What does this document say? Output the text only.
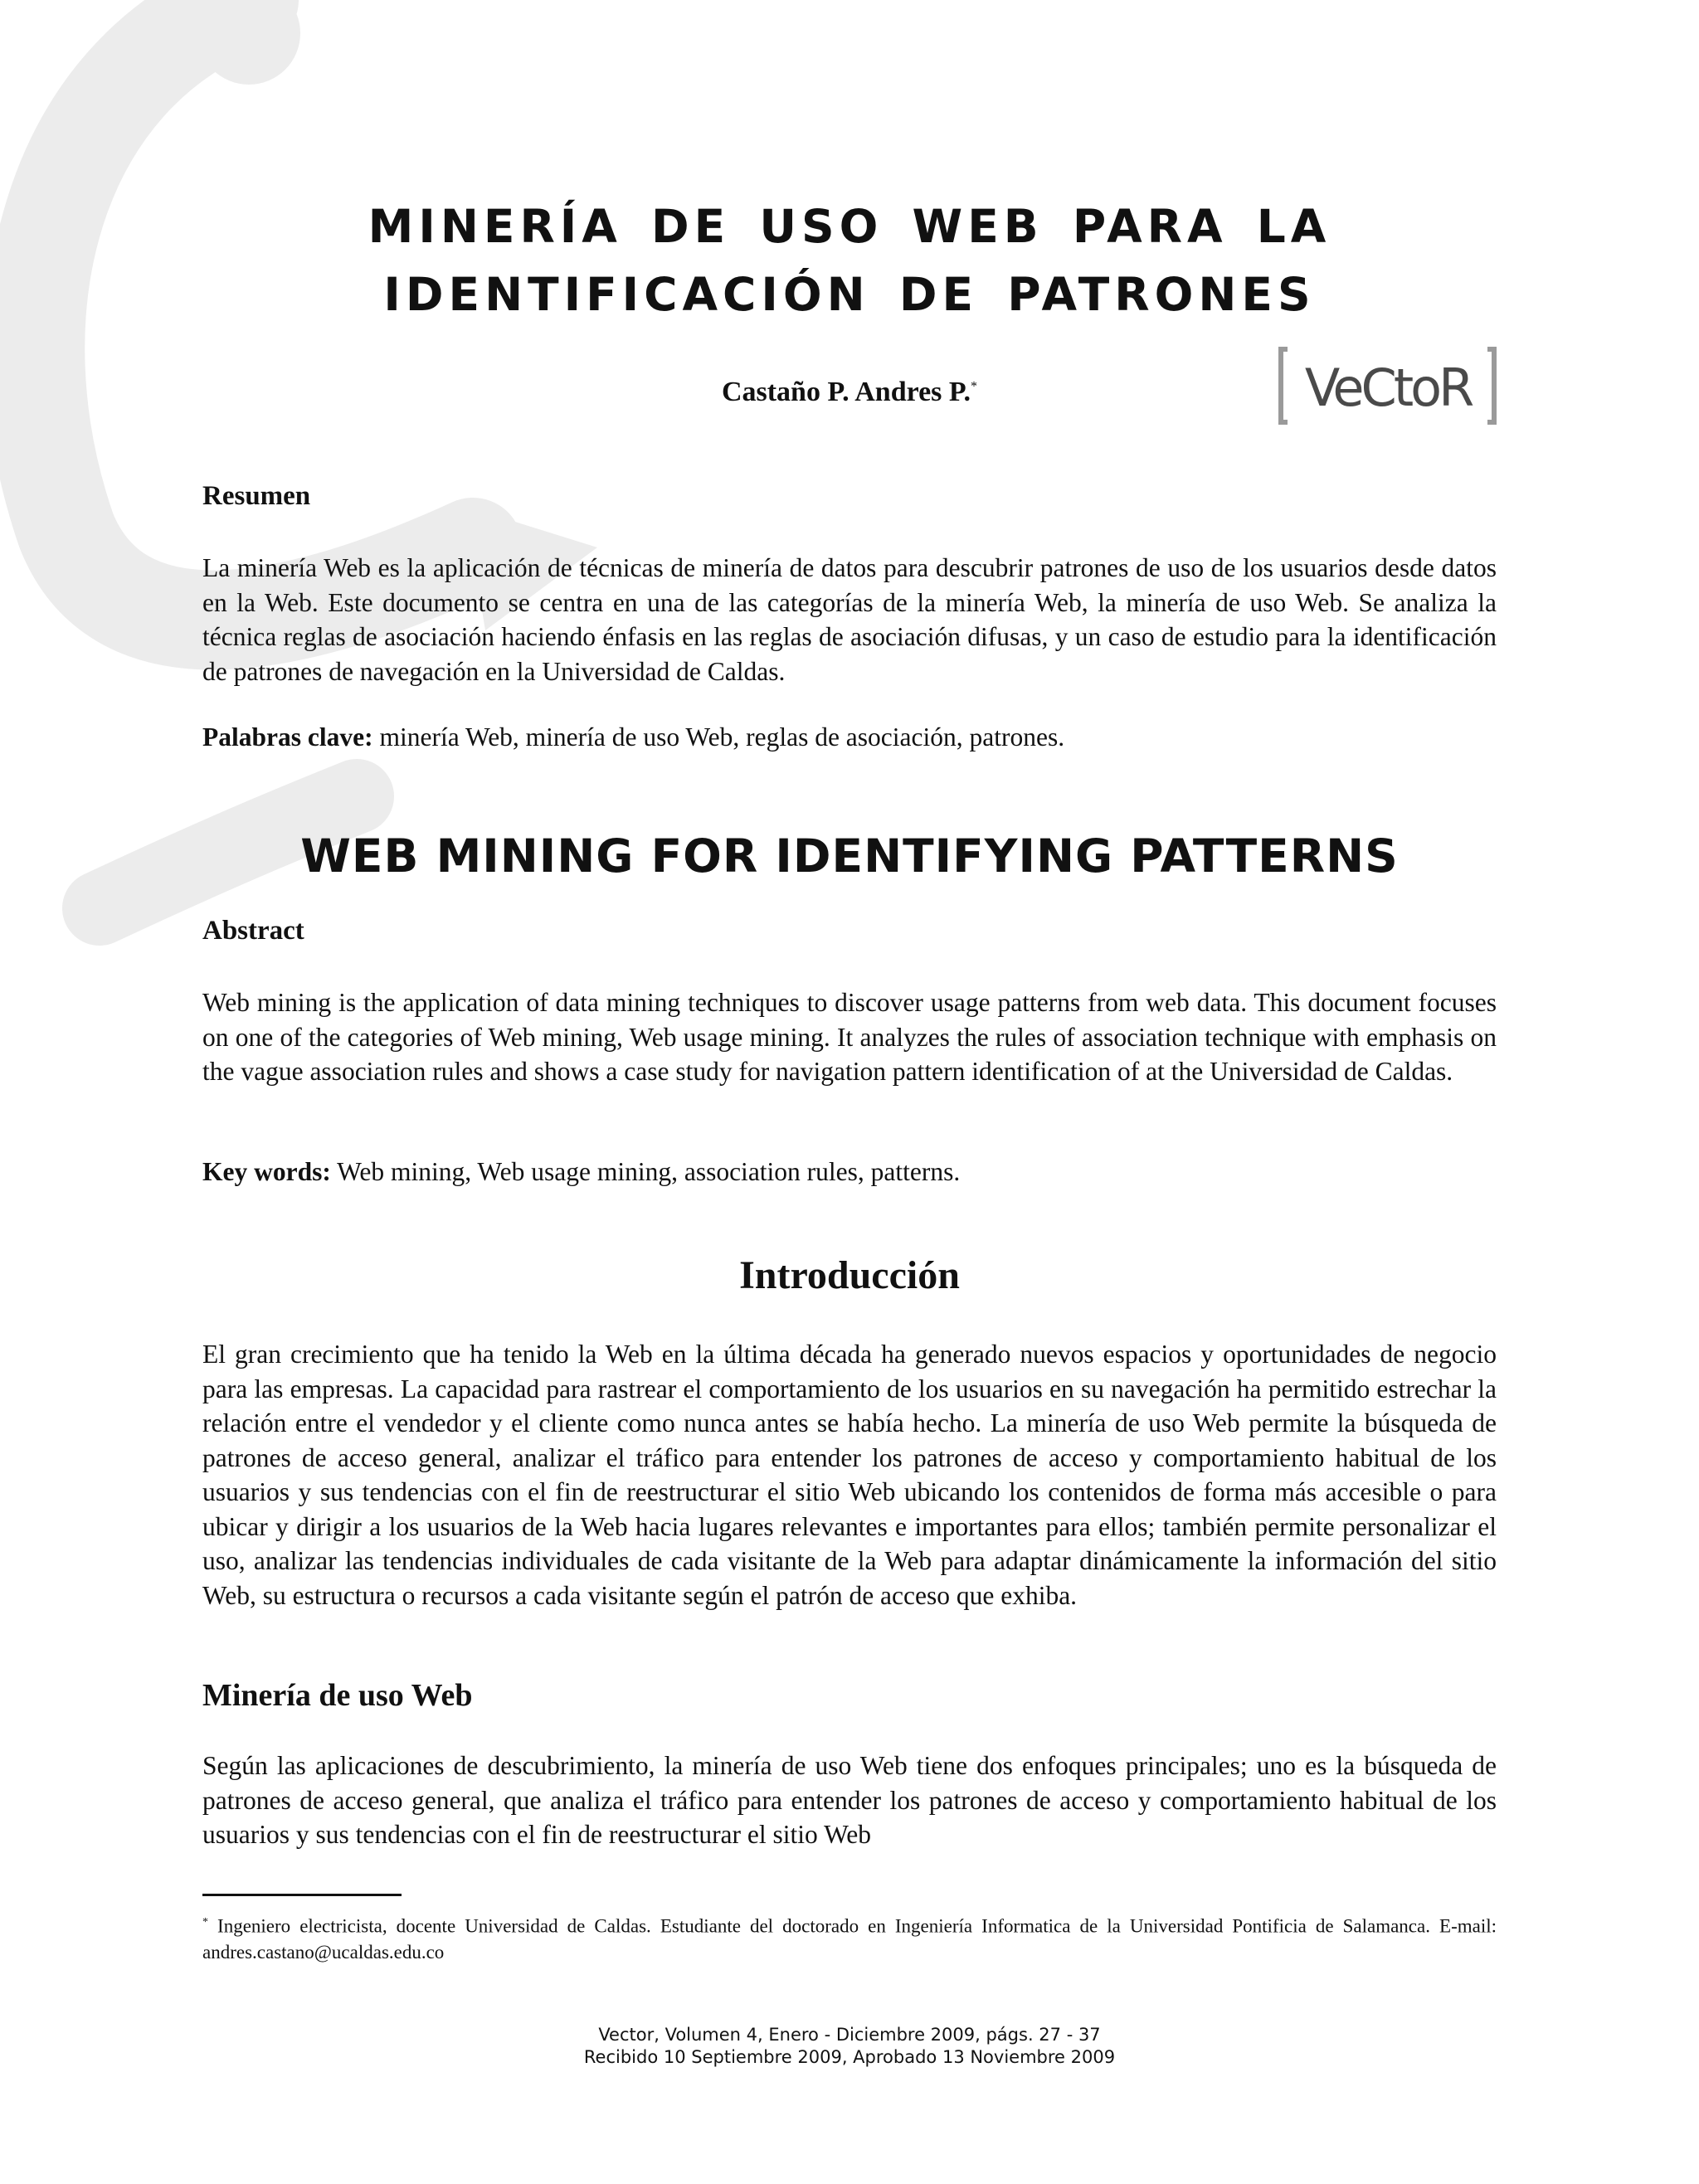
MINERÍA DE USO WEB PARA LA IDENTIFICACIÓN DE PATRONES
Castaño P. Andres P.*	VeCtoR
Resumen
La minería Web es la aplicación de técnicas de minería de datos para descubrir patrones de uso de los usuarios desde datos en la Web. Este documento se centra en una de las categorías de la minería Web, la minería de uso Web. Se analiza la técnica reglas de asociación haciendo énfasis en las reglas de asociación difusas, y un caso de estudio para la identificación de patrones de navegación en la Universidad de Caldas.
Palabras clave: minería Web, minería de uso Web, reglas de asociación, patrones.
WEB MINING FOR IDENTIFYING PATTERNS
Abstract
Web mining is the application of data mining techniques to discover usage patterns from web data. This document focuses on one of the categories of Web mining, Web usage mining. It analyzes the rules of association technique with emphasis on the vague association rules and shows a case study for navigation pattern identification of at the Universidad de Caldas.
Key words: Web mining, Web usage mining, association rules, patterns.
Introducción
El gran crecimiento que ha tenido la Web en la última década ha generado nuevos espacios y oportunidades de negocio para las empresas. La capacidad para rastrear el comportamiento de los usuarios en su navegación ha permitido estrechar la relación entre el vendedor y el cliente como nunca antes se había hecho. La minería de uso Web permite la búsqueda de patrones de acceso general, analizar el tráfico para entender los patrones de acceso y comportamiento habitual de los usuarios y sus tendencias con el fin de reestructurar el sitio Web ubicando los contenidos de forma más accesible o para ubicar y dirigir a los usuarios de la Web hacia lugares relevantes e importantes para ellos; también permite personalizar el uso, analizar las tendencias individuales de cada visitante de la Web para adaptar dinámicamente la información del sitio Web, su estructura o recursos a cada visitante según el patrón de acceso que exhiba.
Minería de uso Web
Según las aplicaciones de descubrimiento, la minería de uso Web tiene dos enfoques principales; uno es la búsqueda de patrones de acceso general, que analiza el tráfico para entender los patrones de acceso y comportamiento habitual de los usuarios y sus tendencias con el fin de reestructurar el sitio Web
* Ingeniero electricista, docente Universidad de Caldas. Estudiante del doctorado en Ingeniería Informatica de la Universidad Pontificia de Salamanca. E-mail: andres.castano@ucaldas.edu.co
Vector, Volumen 4, Enero - Diciembre 2009, págs. 27 - 37
Recibido 10 Septiembre 2009, Aprobado 13 Noviembre 2009
